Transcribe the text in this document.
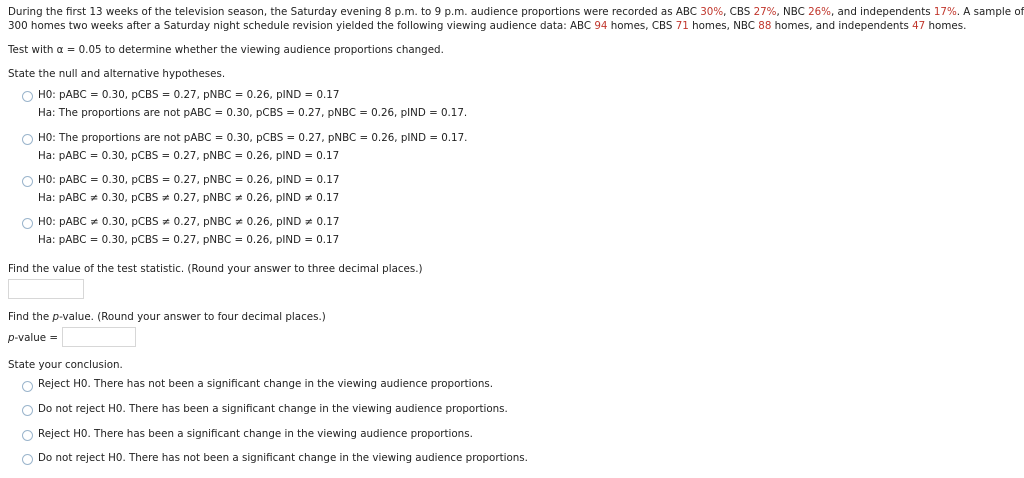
During the first 13 weeks of the television season, the Saturday evening 8 p.m. to 9 p.m. audience proportions were recorded as ABC 30%, CBS 27%, NBC 26%, and independents 17%. A sample of
300 homes two weeks after a Saturday night schedule revision yielded the following viewing audience data: ABC 94 homes, CBS 71 homes, NBC 88 homes, and independents 47 homes.
Test with α = 0.05 to determine whether the viewing audience proportions changed.
State the null and alternative hypotheses.
H0: pABC = 0.30, pCBS = 0.27, pNBC = 0.26, pIND = 0.17
Ha: The proportions are not pABC = 0.30, pCBS = 0.27, pNBC = 0.26, pIND = 0.17.
H0: The proportions are not pABC = 0.30, pCBS = 0.27, pNBC = 0.26, pIND = 0.17.
Ha: pABC = 0.30, pCBS = 0.27, pNBC = 0.26, pIND = 0.17
H0: pABC = 0.30, pCBS = 0.27, pNBC = 0.26, pIND = 0.17
Ha: pABC ≠ 0.30, pCBS ≠ 0.27, pNBC ≠ 0.26, pIND ≠ 0.17
H0: pABC ≠ 0.30, pCBS ≠ 0.27, pNBC ≠ 0.26, pIND ≠ 0.17
Ha: pABC = 0.30, pCBS = 0.27, pNBC = 0.26, pIND = 0.17
Find the value of the test statistic. (Round your answer to three decimal places.)
Find the p-value. (Round your answer to four decimal places.)
p-value =
State your conclusion.
Reject H0. There has not been a significant change in the viewing audience proportions.
Do not reject H0. There has been a significant change in the viewing audience proportions.
Reject H0. There has been a significant change in the viewing audience proportions.
Do not reject H0. There has not been a significant change in the viewing audience proportions.
